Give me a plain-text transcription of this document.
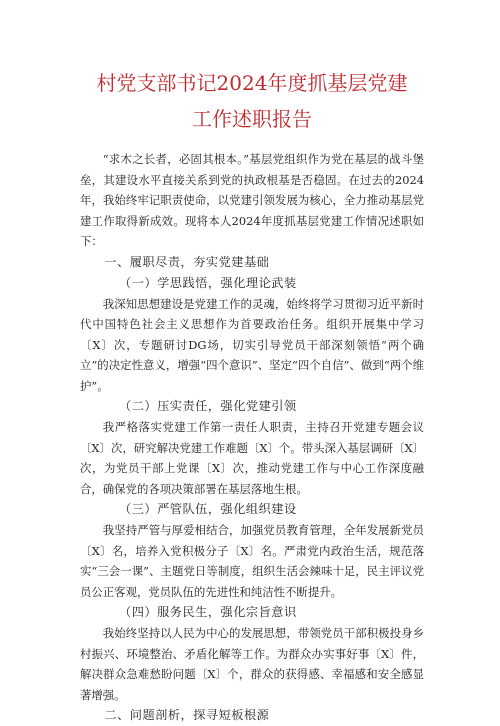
村党支部书记2024年度抓基层党建
工作述职报告

“求木之长者，必固其根本。”基层党组织作为党在基层的战斗堡垒，其建设水平直接关系到党的执政根基是否稳固。在过去的2024年，我始终牢记职责使命，以党建引领发展为核心，全力推动基层党建工作取得新成效。现将本人2024年度抓基层党建工作情况述职如下：

一、履职尽责，夯实党建基础
（一）学思践悟，强化理论武装

我深知思想建设是党建工作的灵魂，始终将学习贯彻习近平新时代中国特色社会主义思想作为首要政治任务。组织开展集中学习〔X〕次，专题研讨DG场，切实引导党员干部深刻领悟“两个确立”的决定性意义，增强“四个意识”、坚定“四个自信”、做到“两个维护”。

（二）压实责任，强化党建引领

我严格落实党建工作第一责任人职责，主持召开党建专题会议〔X〕次，研究解决党建工作难题〔X〕个。带头深入基层调研〔X〕次，为党员干部上党课〔X〕次，推动党建工作与中心工作深度融合，确保党的各项决策部署在基层落地生根。

（三）严管队伍，强化组织建设

我坚持严管与厚爱相结合，加强党员教育管理，全年发展新党员〔X〕名，培养入党积极分子〔X〕名。严肃党内政治生活，规范落实“三会一课”、主题党日等制度，组织生活会辣味十足，民主评议党员公正客观，党员队伍的先进性和纯洁性不断提升。

（四）服务民生，强化宗旨意识

我始终坚持以人民为中心的发展思想，带领党员干部积极投身乡村振兴、环境整治、矛盾化解等工作。为群众办实事好事〔X〕件，解决群众急难愁盼问题〔X〕个，群众的获得感、幸福感和安全感显著增强。

二、问题剖析，探寻短板根源
